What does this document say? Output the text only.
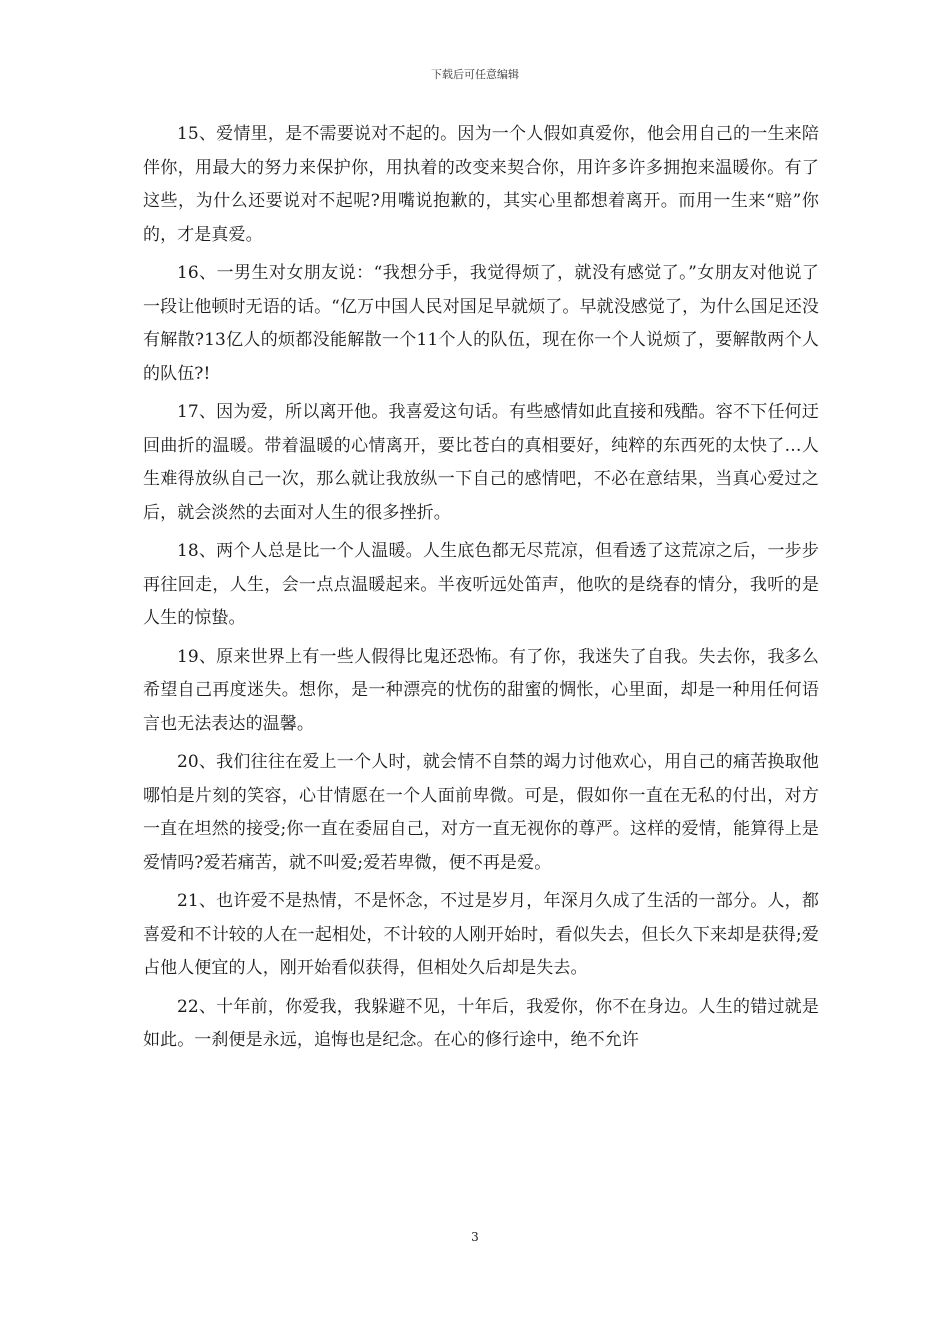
下载后可任意编辑

15、爱情里，是不需要说对不起的。因为一个人假如真爱你，他会用自己的一生来陪伴你，用最大的努力来保护你，用执着的改变来契合你，用许多许多拥抱来温暖你。有了这些，为什么还要说对不起呢?用嘴说抱歉的，其实心里都想着离开。而用一生来“赔”你的，才是真爱。

16、一男生对女朋友说：“我想分手，我觉得烦了，就没有感觉了。”女朋友对他说了一段让他顿时无语的话。“亿万中国人民对国足早就烦了。早就没感觉了，为什么国足还没有解散?13亿人的烦都没能解散一个11个人的队伍，现在你一个人说烦了，要解散两个人的队伍?!

17、因为爱，所以离开他。我喜爱这句话。有些感情如此直接和残酷。容不下任何迂回曲折的温暖。带着温暖的心情离开，要比苍白的真相要好，纯粹的东西死的太快了…人生难得放纵自己一次，那么就让我放纵一下自己的感情吧，不必在意结果，当真心爱过之后，就会淡然的去面对人生的很多挫折。

18、两个人总是比一个人温暖。人生底色都无尽荒凉，但看透了这荒凉之后，一步步再往回走，人生，会一点点温暖起来。半夜听远处笛声，他吹的是绕春的情分，我听的是人生的惊蛰。

19、原来世界上有一些人假得比鬼还恐怖。有了你，我迷失了自我。失去你，我多么希望自己再度迷失。想你，是一种漂亮的忧伤的甜蜜的惆怅，心里面，却是一种用任何语言也无法表达的温馨。

20、我们往往在爱上一个人时，就会情不自禁的竭力讨他欢心，用自己的痛苦换取他哪怕是片刻的笑容，心甘情愿在一个人面前卑微。可是，假如你一直在无私的付出，对方一直在坦然的接受;你一直在委屈自己，对方一直无视你的尊严。这样的爱情，能算得上是爱情吗?爱若痛苦，就不叫爱;爱若卑微，便不再是爱。

21、也许爱不是热情，不是怀念，不过是岁月，年深月久成了生活的一部分。人，都喜爱和不计较的人在一起相处，不计较的人刚开始时，看似失去，但长久下来却是获得;爱占他人便宜的人，刚开始看似获得，但相处久后却是失去。

22、十年前，你爱我，我躲避不见，十年后，我爱你，你不在身边。人生的错过就是如此。一刹便是永远，追悔也是纪念。在心的修行途中，绝不允许

3
